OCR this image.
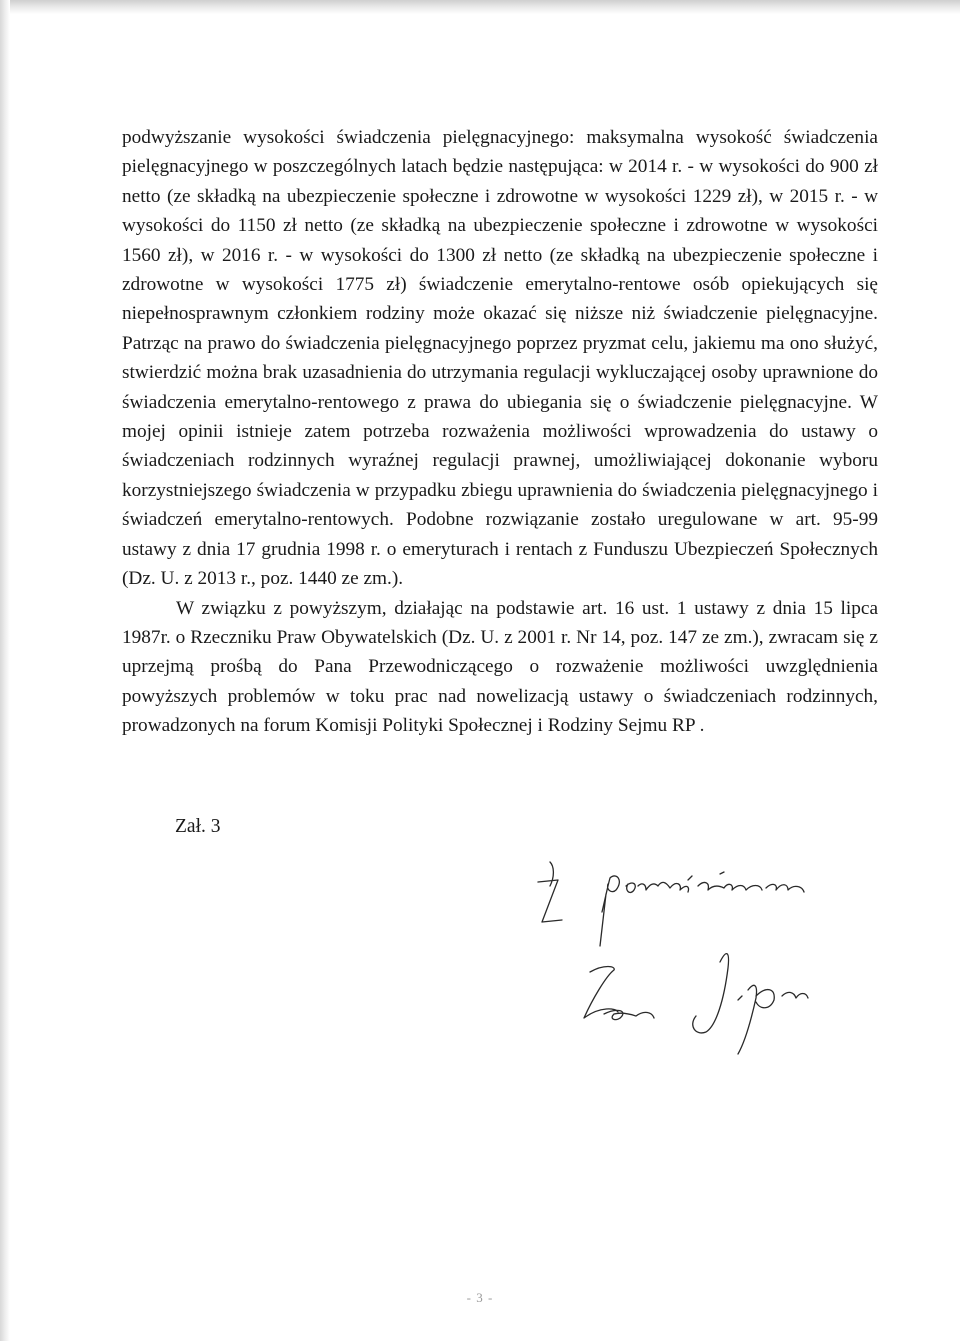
podwyższanie wysokości świadczenia pielęgnacyjnego: maksymalna wysokość świadczenia pielęgnacyjnego w poszczególnych latach będzie następująca: w 2014 r. - w wysokości do 900 zł netto (ze składką na ubezpieczenie społeczne i zdrowotne w wysokości 1229 zł), w 2015 r. - w wysokości do 1150 zł netto (ze składką na ubezpieczenie społeczne i zdrowotne w wysokości 1560 zł), w 2016 r. - w wysokości do 1300 zł netto (ze składką na ubezpieczenie społeczne i zdrowotne w wysokości 1775 zł) świadczenie emerytalno-rentowe osób opiekujących się niepełnosprawnym członkiem rodziny może okazać się niższe niż świadczenie pielęgnacyjne. Patrząc na prawo do świadczenia pielęgnacyjnego poprzez pryzmat celu, jakiemu ma ono służyć, stwierdzić można brak uzasadnienia do utrzymania regulacji wykluczającej osoby uprawnione do świadczenia emerytalno-rentowego z prawa do ubiegania się o świadczenie pielęgnacyjne. W mojej opinii istnieje zatem potrzeba rozważenia możliwości wprowadzenia do ustawy o świadczeniach rodzinnych wyraźnej regulacji prawnej, umożliwiającej dokonanie wyboru korzystniejszego świadczenia w przypadku zbiegu uprawnienia do świadczenia pielęgnacyjnego i świadczeń emerytalno-rentowych. Podobne rozwiązanie zostało uregulowane w art. 95-99 ustawy z dnia 17 grudnia 1998 r. o emeryturach i rentach z Funduszu Ubezpieczeń Społecznych (Dz. U. z 2013 r., poz. 1440 ze zm.).

W związku z powyższym, działając na podstawie art. 16 ust. 1 ustawy z dnia 15 lipca 1987r. o Rzeczniku Praw Obywatelskich (Dz. U. z 2001 r. Nr 14, poz. 147 ze zm.), zwracam się z uprzejmą prośbą do Pana Przewodniczącego o rozważenie możliwości uwzględnienia powyższych problemów w toku prac nad nowelizacją ustawy o świadczeniach rodzinnych, prowadzonych na forum Komisji Polityki Społecznej i Rodziny Sejmu RP .

Zał. 3

- 3 -
